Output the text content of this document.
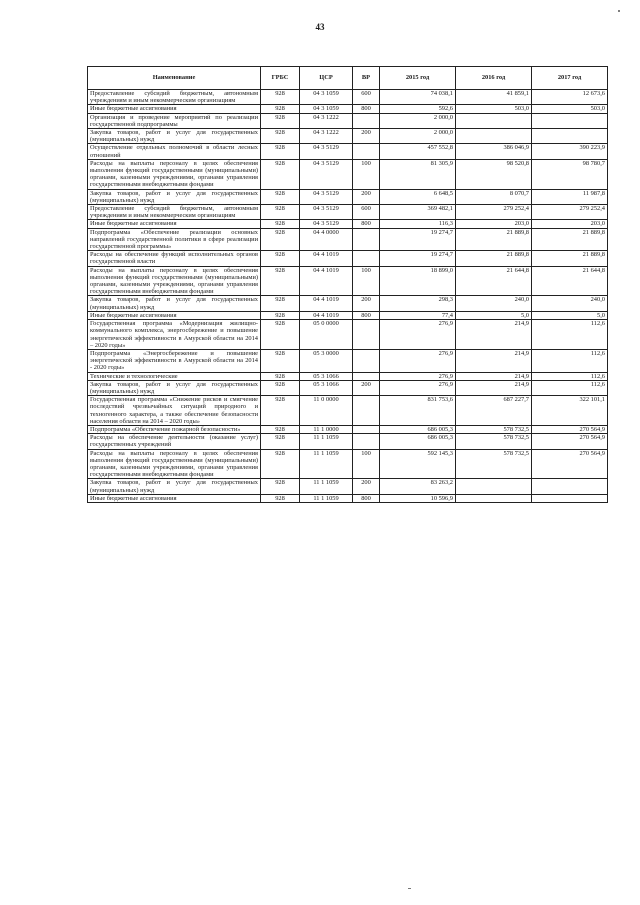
43
Наименование	ГРБС	ЦСР	ВР	2015 год	2016 год	2017 год
Предоставление субсидий бюджетным, автономным учреждениям и иным некоммерческим организациям	928	04 3 1059	600	74 038,1	41 859,1	12 673,6
Иные бюджетные ассигнования	928	04 3 1059	800	592,6	503,0	503,0
Организация и проведение мероприятий по реализации государственной подпрограммы	928	04 3 1222		2 000,0		
Закупка товаров, работ и услуг для государственных (муниципальных) нужд	928	04 3 1222	200	2 000,0		
Осуществление отдельных полномочий в области лесных отношений	928	04 3 5129		457 552,8	386 046,9	390 223,9
Расходы на выплаты персоналу в целях обеспечения выполнения функций государственными (муниципальными) органами, казенными учреждениями, органами управления государственными внебюджетными фондами	928	04 3 5129	100	81 305,9	98 520,8	98 780,7
Закупка товаров, работ и услуг для государственных (муниципальных) нужд	928	04 3 5129	200	6 648,5	8 070,7	11 987,8
Предоставление субсидий бюджетным, автономным учреждениям и иным некоммерческим организациям	928	04 3 5129	600	369 482,1	279 252,4	279 252,4
Иные бюджетные ассигнования	928	04 3 5129	800	116,3	203,0	203,0
Подпрограмма «Обеспечение реализации основных направлений государственной политики в сфере реализации государственной программы»	928	04 4 0000		19 274,7	21 889,8	21 889,8
Расходы на обеспечение функций исполнительных органов государственной власти	928	04 4 1019		19 274,7	21 889,8	21 889,8
Расходы на выплаты персоналу в целях обеспечения выполнения функций государственными (муниципальными) органами, казенными учреждениями, органами управления государственными внебюджетными фондами	928	04 4 1019	100	18 899,0	21 644,8	21 644,8
Закупка товаров, работ и услуг для государственных (муниципальных) нужд	928	04 4 1019	200	298,3	240,0	240,0
Иные бюджетные ассигнования	928	04 4 1019	800	77,4	5,0	5,0
Государственная программа «Модернизация жилищно-коммунального комплекса, энергосбережение и повышение энергетической эффективности в Амурской области на 2014 – 2020 годы»	928	05 0 0000		276,9	214,9	112,6
Подпрограмма «Энергосбережение и повышение энергетической эффективности в Амурской области на 2014 - 2020 годы»	928	05 3 0000		276,9	214,9	112,6
Технические и технологические	928	05 3 1066		276,9	214,9	112,6
Закупка товаров, работ и услуг для государственных (муниципальных) нужд	928	05 3 1066	200	276,9	214,9	112,6
Государственная программа «Снижение рисков и смягчение последствий чрезвычайных ситуаций природного и техногенного характера, а также обеспечение безопасности населения области на 2014 – 2020 годы»	928	11 0 0000		831 753,6	687 227,7	322 101,1
Подпрограмма «Обеспечение пожарной безопасности»	928	11 1 0000		686 005,3	578 732,5	270 564,9
Расходы на обеспечение деятельности (оказание услуг) государственных учреждений	928	11 1 1059		686 005,3	578 732,5	270 564,9
Расходы на выплаты персоналу в целях обеспечения выполнения функций государственными (муниципальными) органами, казенными учреждениями, органами управления государственными внебюджетными фондами	928	11 1 1059	100	592 145,3	578 732,5	270 564,9
Закупка товаров, работ и услуг для государственных (муниципальных) нужд	928	11 1 1059	200	83 263,2		
Иные бюджетные ассигнования	928	11 1 1059	800	10 596,9		
